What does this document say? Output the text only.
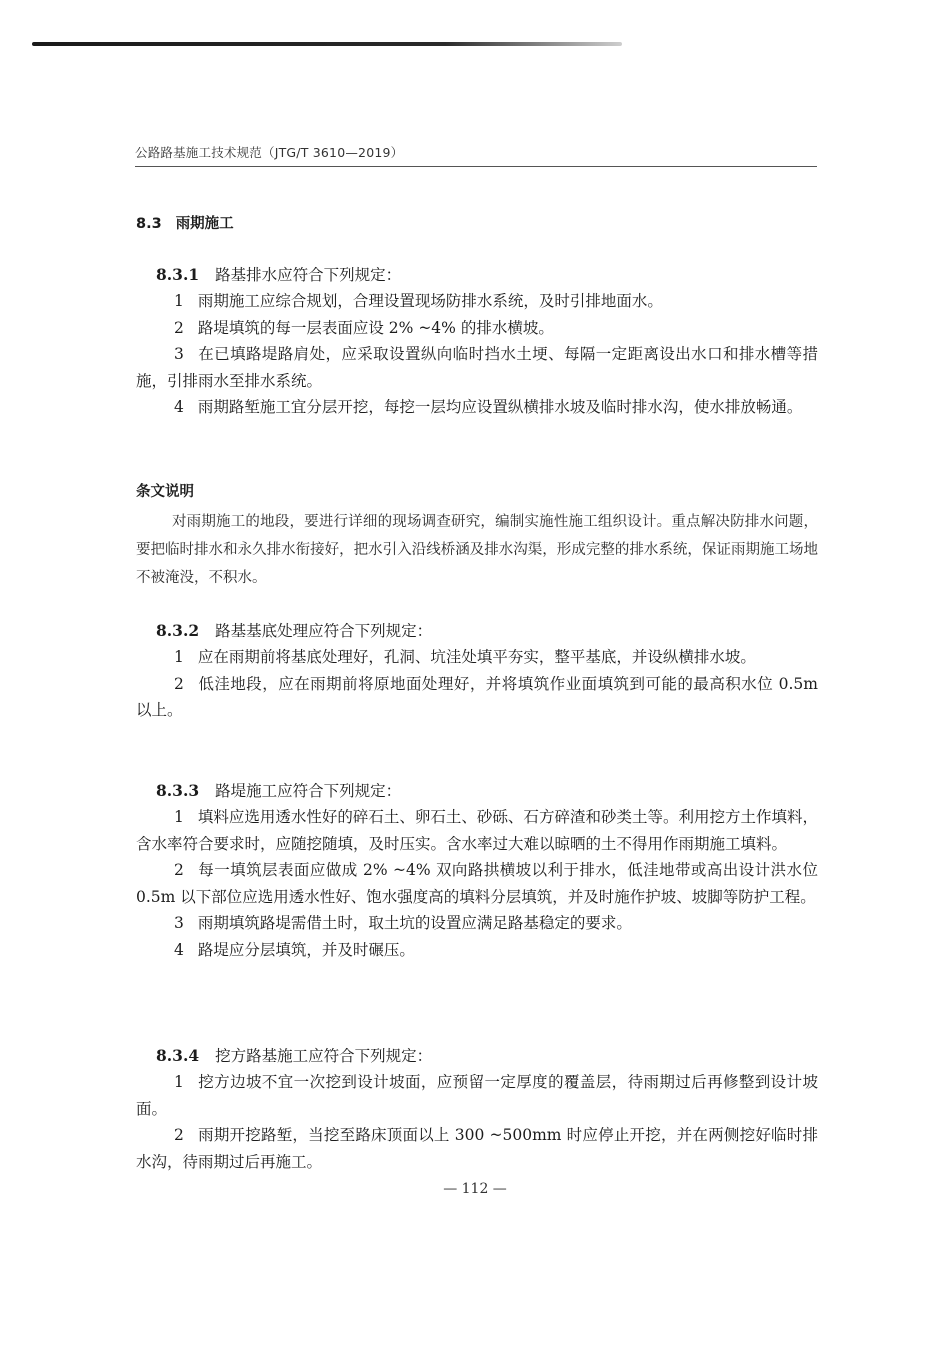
公路路基施工技术规范（JTG/T 3610—2019）
8.3 雨期施工
8.3.1 路基排水应符合下列规定：
1 雨期施工应综合规划，合理设置现场防排水系统，及时引排地面水。
2 路堤填筑的每一层表面应设 2% ~4% 的排水横坡。
3 在已填路堤路肩处，应采取设置纵向临时挡水土埂、每隔一定距离设出水口和排水槽等措施，引排雨水至排水系统。
4 雨期路堑施工宜分层开挖，每挖一层均应设置纵横排水坡及临时排水沟，使水排放畅通。
条文说明
对雨期施工的地段，要进行详细的现场调查研究，编制实施性施工组织设计。重点解决防排水问题，要把临时排水和永久排水衔接好，把水引入沿线桥涵及排水沟渠，形成完整的排水系统，保证雨期施工场地不被淹没，不积水。
8.3.2 路基基底处理应符合下列规定：
1 应在雨期前将基底处理好，孔洞、坑洼处填平夯实，整平基底，并设纵横排水坡。
2 低洼地段，应在雨期前将原地面处理好，并将填筑作业面填筑到可能的最高积水位 0.5m 以上。
8.3.3 路堤施工应符合下列规定：
1 填料应选用透水性好的碎石土、卵石土、砂砾、石方碎渣和砂类土等。利用挖方土作填料，含水率符合要求时，应随挖随填，及时压实。含水率过大难以晾晒的土不得用作雨期施工填料。
2 每一填筑层表面应做成 2% ~4% 双向路拱横坡以利于排水，低洼地带或高出设计洪水位 0.5m 以下部位应选用透水性好、饱水强度高的填料分层填筑，并及时施作护坡、坡脚等防护工程。
3 雨期填筑路堤需借土时，取土坑的设置应满足路基稳定的要求。
4 路堤应分层填筑，并及时碾压。
8.3.4 挖方路基施工应符合下列规定：
1 挖方边坡不宜一次挖到设计坡面，应预留一定厚度的覆盖层，待雨期过后再修整到设计坡面。
2 雨期开挖路堑，当挖至路床顶面以上 300 ~500mm 时应停止开挖，并在两侧挖好临时排水沟，待雨期过后再施工。
— 112 —
